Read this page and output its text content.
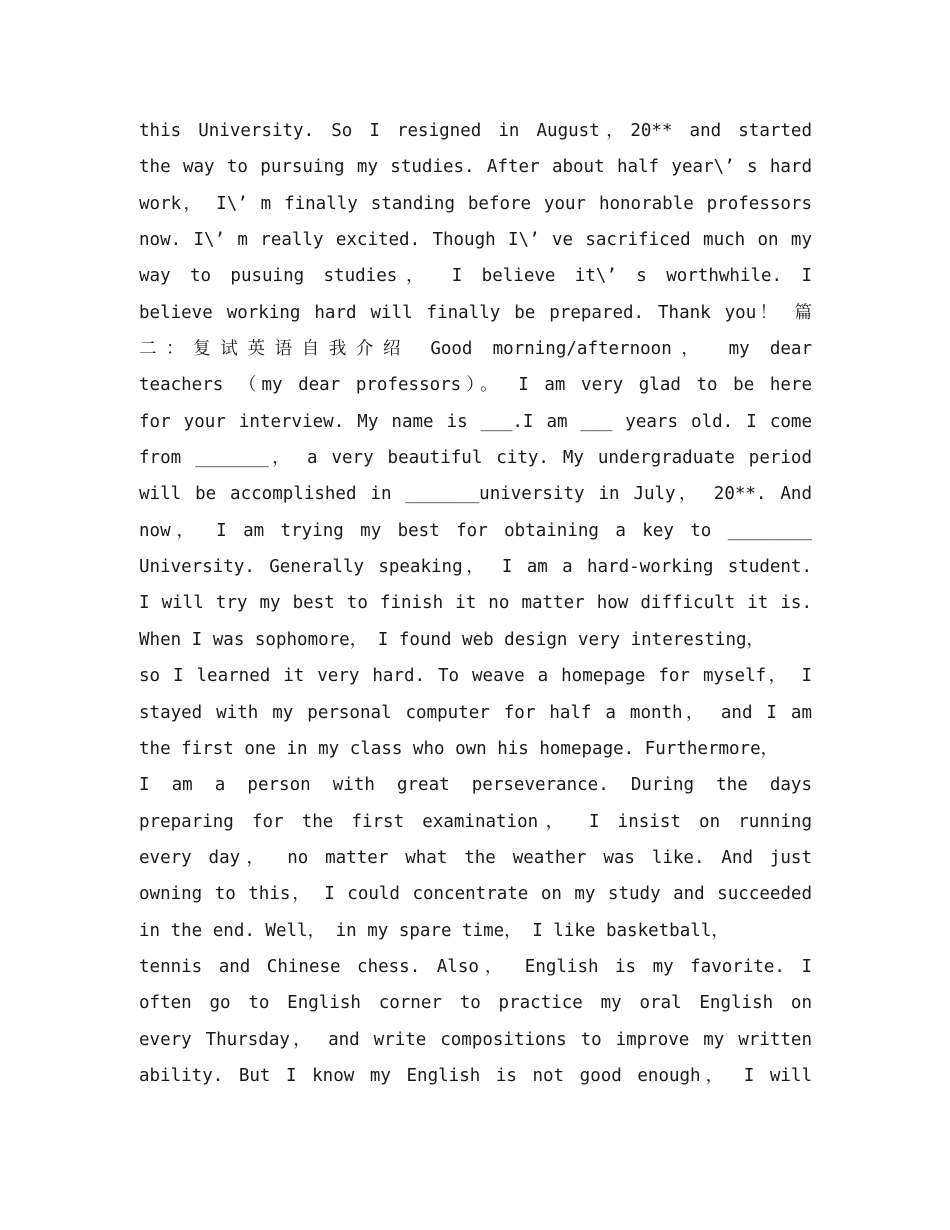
this University. So I resigned in August，20** and started
the way to pursuing my studies. After about half year\’ s hard
work， I\’ m finally standing before your honorable professors
now. I\’ m really excited. Though I\’ ve sacrificed much on my
way to pusuing studies， I believe it\’ s worthwhile. I
believe working hard will finally be prepared. Thank you！ 篇
二：复试英语自我介绍 Good morning/afternoon， my dear
teachers （my dear professors）。 I am very glad to be here
for your interview. My name is ___.I am ___ years old. I come
from _______， a very beautiful city. My undergraduate period
will be accomplished in _______university in July， 20**. And
now， I am trying my best for obtaining a key to ________
University. Generally speaking， I am a hard-working student.
I will try my best to finish it no matter how difficult it is.
When I was sophomore， I found web design very interesting，
so I learned it very hard. To weave a homepage for myself， I
stayed with my personal computer for half a month， and I am
the first one in my class who own his homepage. Furthermore，
I am a person with great perseverance. During the days
preparing for the first examination， I insist on running
every day， no matter what the weather was like. And just
owning to this， I could concentrate on my study and succeeded
in the end. Well， in my spare time， I like basketball，
tennis and Chinese chess. Also， English is my favorite. I
often go to English corner to practice my oral English on
every Thursday， and write compositions to improve my written
ability. But I know my English is not good enough， I will
